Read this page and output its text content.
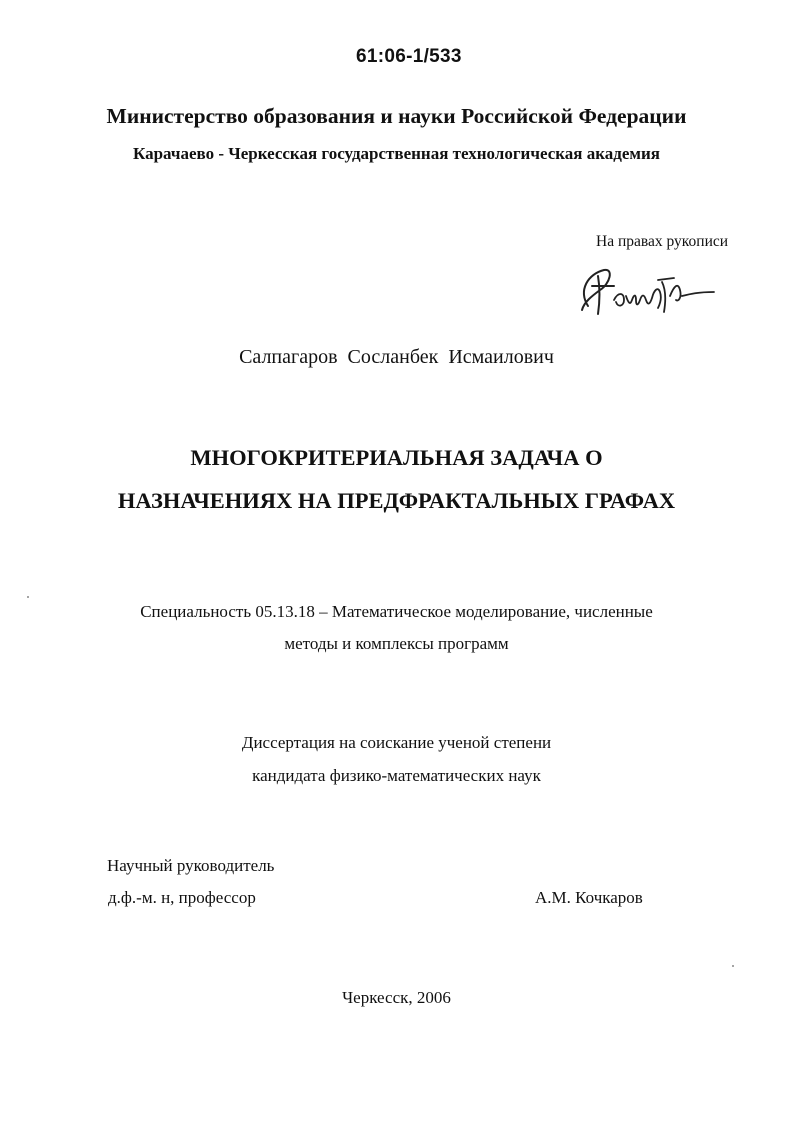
61:06-1/533
Министерство образования и науки Российской Федерации
Карачаево - Черкесская государственная технологическая академия
На правах рукописи
Салпагаров Сосланбек Исмаилович
МНОГОКРИТЕРИАЛЬНАЯ ЗАДАЧА О
НАЗНАЧЕНИЯХ НА ПРЕДФРАКТАЛЬНЫХ ГРАФАХ
Специальность 05.13.18 – Математическое моделирование, численные
методы и комплексы программ
Диссертация на соискание ученой степени
кандидата физико-математических наук
Научный руководитель
д.ф.-м. н, профессор	А.М. Кочкаров
Черкесск, 2006
